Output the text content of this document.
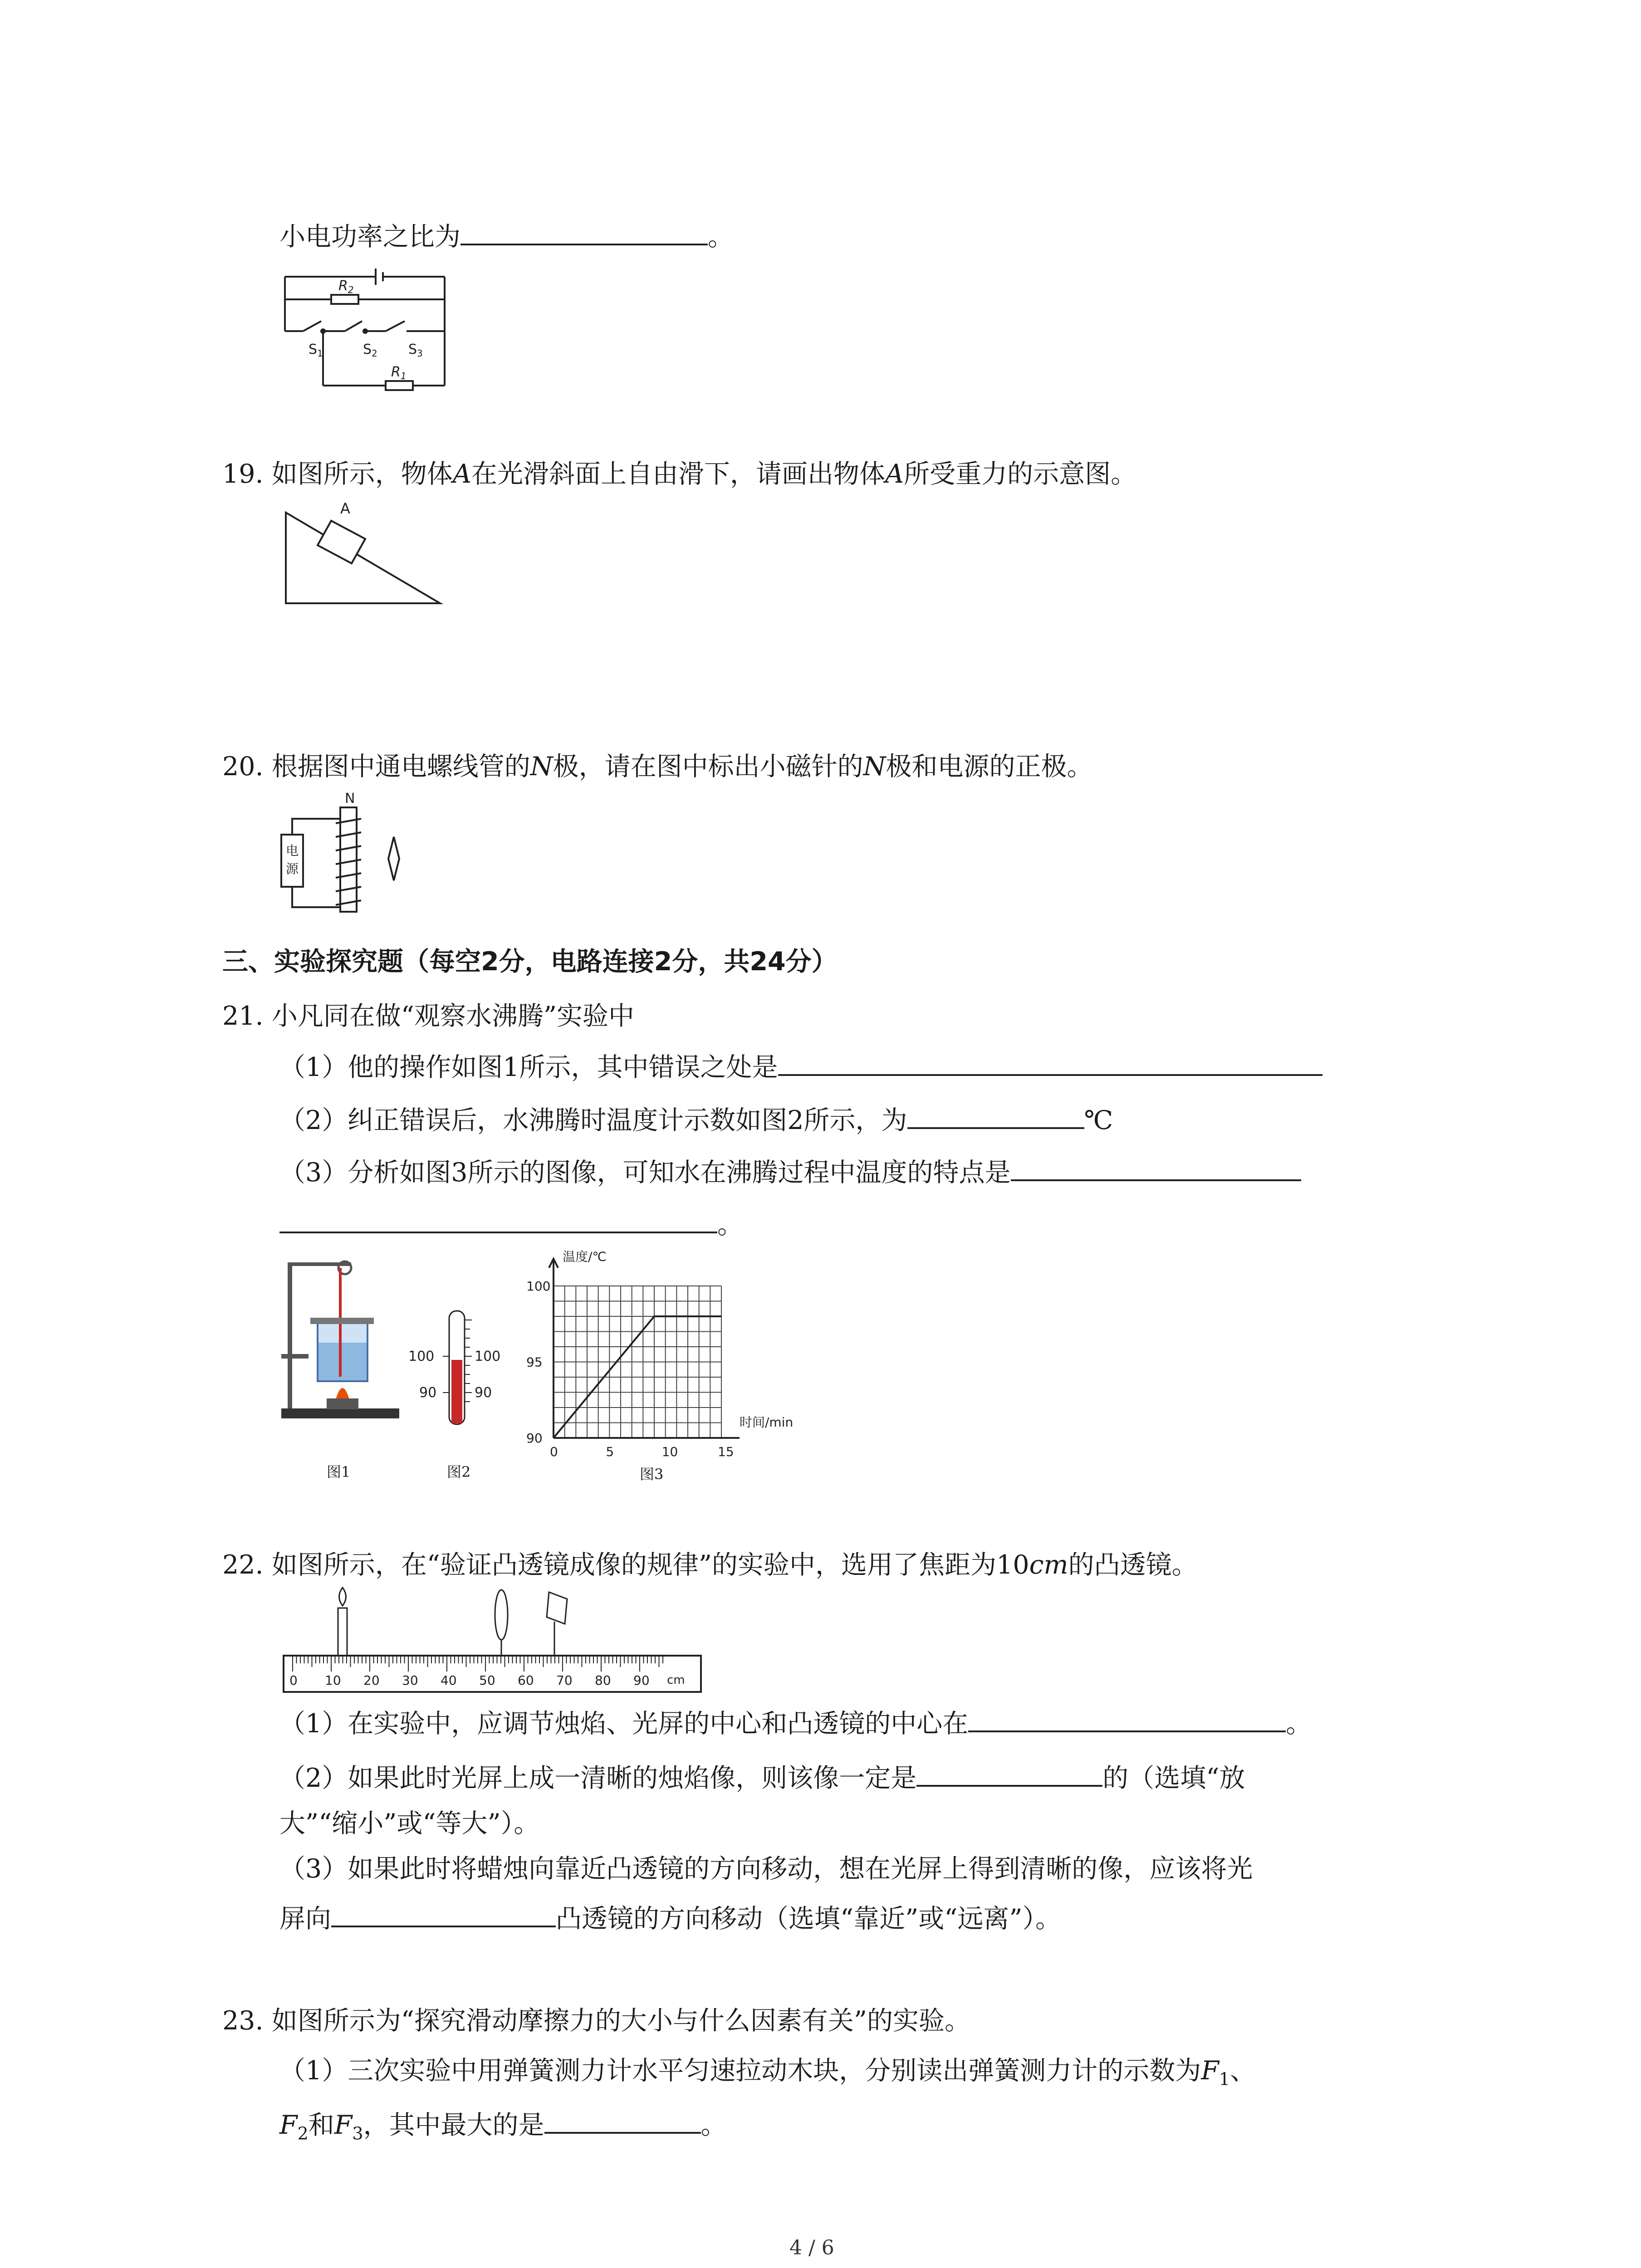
小电功率之比为	。
$R_2$
$R_1$
$S_1$	$S_2$ $S_3$
19. 如图所示，物体A在光滑斜面上自由滑下，请画出物体A所受重力的示意图。
A
20. 根据图中通电螺线管的N极，请在图中标出小磁针的N极和电源的正极。
N
电
源
三、实验探究题（每空2分，电路连接2分，共24分）
21. 小凡同在做“观察水沸腾”实验中
（1）他的操作如图1所示，其中错误之处是
（2）纠正错误后，水沸腾时温度计示数如图2所示，为	℃
（3）分析如图3所示的图像，可知水在沸腾过程中温度的特点是
。
图1
100	100
90	90
图2
温度/℃
时间/min
0	5	10	15
90
95
100
图3
22. 如图所示，在“验证凸透镜成像的规律”的实验中，选用了焦距为10cm的凸透镜。
0 10 20 30 40 50 60 70 80 90 cm
（1）在实验中，应调节烛焰、光屏的中心和凸透镜的中心在	。
（2）如果此时光屏上成一清晰的烛焰像，则该像一定是	的（选填“放
大”“缩小”或“等大”）。
（3）如果此时将蜡烛向靠近凸透镜的方向移动，想在光屏上得到清晰的像，应该将光
屏向	凸透镜的方向移动（选填“靠近”或“远离”）。
23. 如图所示为“探究滑动摩擦力的大小与什么因素有关”的实验。
（1）三次实验中用弹簧测力计水平匀速拉动木块，分别读出弹簧测力计的示数为$F_1$、
$F_2$和$F_3$，其中最大的是	。
4 / 6
